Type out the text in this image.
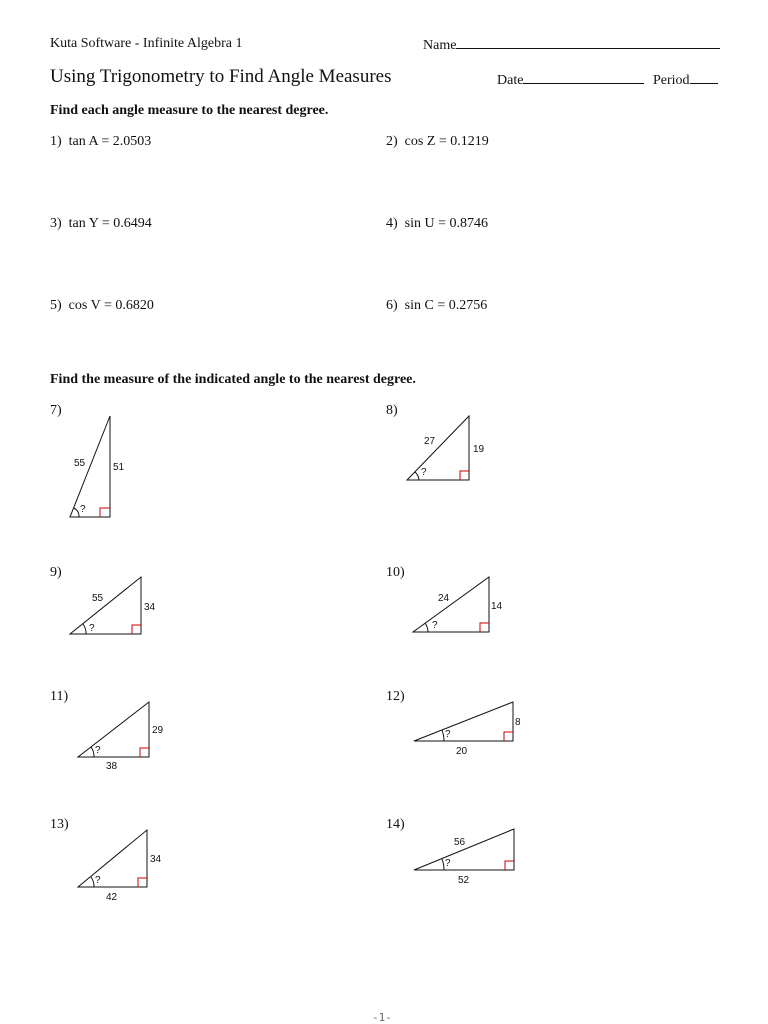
Kuta Software - Infinite Algebra 1	Name
Using Trigonometry to Find Angle Measures	Date	Period
Find each angle measure to the nearest degree.
1) tan A = 2.0503	2) cos Z = 0.1219
3) tan Y = 0.6494	4) sin U = 0.8746
5) cos V = 0.6820	6) sin C = 0.2756
Find the measure of the indicated angle to the nearest degree.
7)
?
55	51
8)
?
27
19
9)
?
55
34
10)
?
24
14
11)
?
29
38
12)
?
8
20
13)
?
34
42
14)
?
56
52
-1-
